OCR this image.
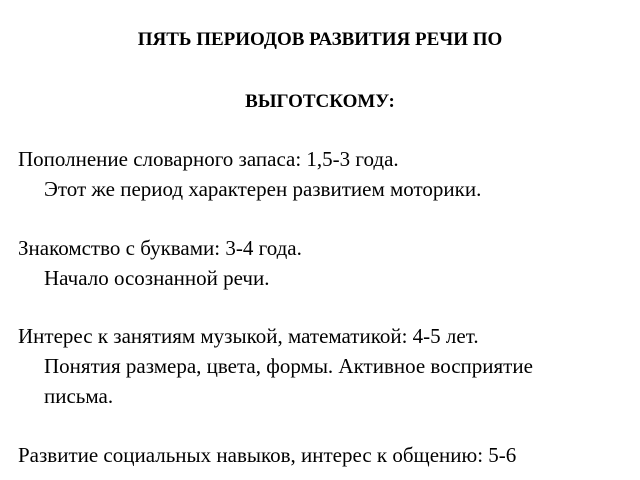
ПЯТЬ ПЕРИОДОВ РАЗВИТИЯ РЕЧИ ПО
ВЫГОТСКОМУ:
Пополнение словарного запаса: 1,5-3 года.
Этот же период характерен развитием моторики.
Знакомство с буквами: 3-4 года.
Начало осознанной речи.
Интерес к занятиям музыкой, математикой: 4-5 лет.
Понятия размера, цвета, формы. Активное восприятие
письма.
Развитие социальных навыков, интерес к общению: 5-6
